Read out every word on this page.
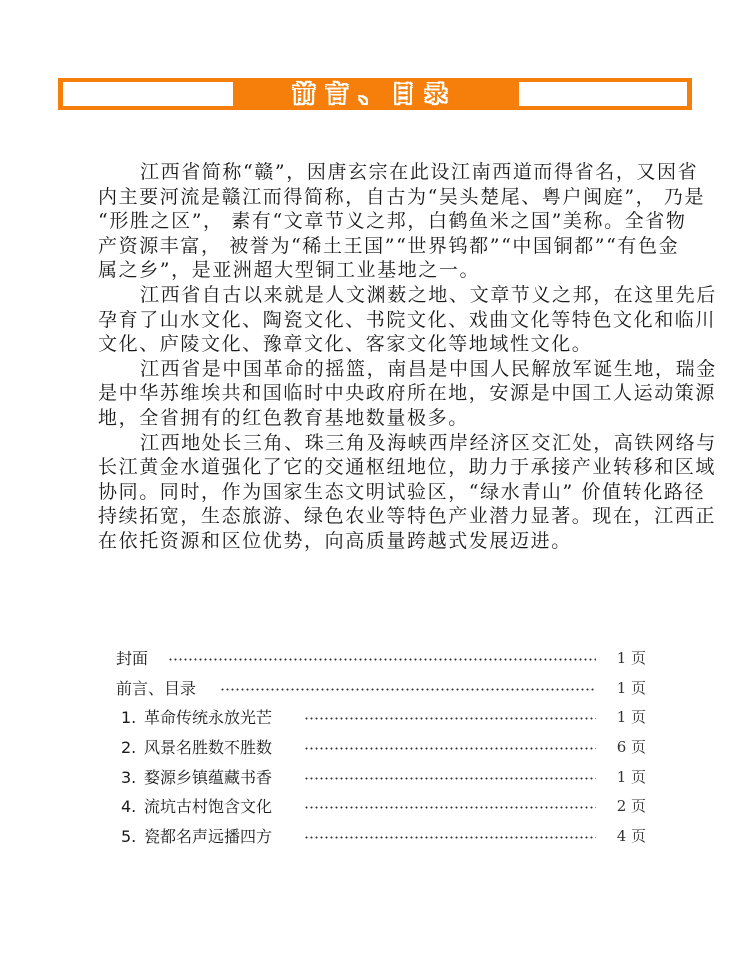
前言、目录
江西省简称“赣”，因唐玄宗在此设江南西道而得省名，又因省
内主要河流是赣江而得简称，自古为“吴头楚尾、粤户闽庭”， 乃是
“形胜之区”， 素有“文章节义之邦，白鹤鱼米之国”美称。全省物
产资源丰富， 被誉为“稀土王国”“世界钨都”“中国铜都”“有色金
属之乡”，是亚洲超大型铜工业基地之一。
江西省自古以来就是人文渊薮之地、文章节义之邦，在这里先后
孕育了山水文化、陶瓷文化、书院文化、戏曲文化等特色文化和临川
文化、庐陵文化、豫章文化、客家文化等地域性文化。
江西省是中国革命的摇篮，南昌是中国人民解放军诞生地，瑞金
是中华苏维埃共和国临时中央政府所在地，安源是中国工人运动策源
地，全省拥有的红色教育基地数量极多。
江西地处长三角、珠三角及海峡西岸经济区交汇处，高铁网络与
长江黄金水道强化了它的交通枢纽地位，助力于承接产业转移和区域
协同。同时，作为国家生态文明试验区，“绿水青山” 价值转化路径
持续拓宽，生态旅游、绿色农业等特色产业潜力显著。现在，江西正
在依托资源和区位优势，向高质量跨越式发展迈进。
封面	1 页
前言、目录	1 页
1. 革命传统永放光芒	1 页
2. 风景名胜数不胜数	6 页
3. 婺源乡镇蕴藏书香	1 页
4. 流坑古村饱含文化	2 页
5. 瓷都名声远播四方	4 页
